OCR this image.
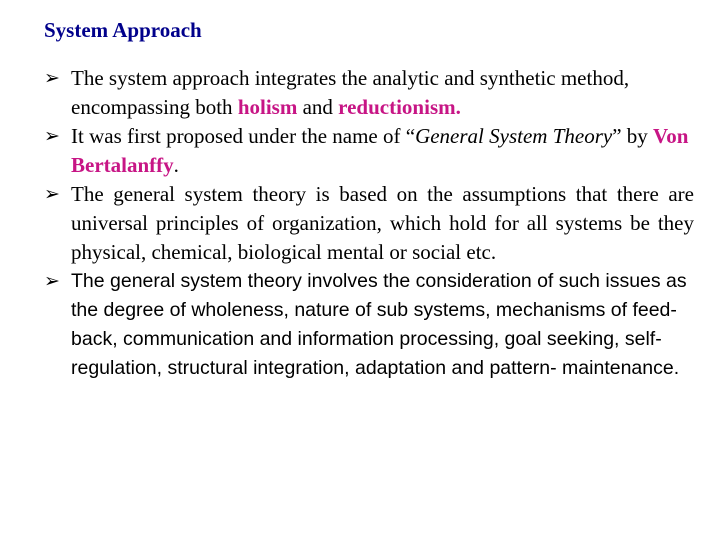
System Approach
➢ The system approach integrates the analytic and synthetic method, encompassing both holism and reductionism.
➢ It was first proposed under the name of “General System Theory” by Von Bertalanffy.
➢ The general system theory is based on the assumptions that there are universal principles of organization, which hold for all systems be they physical, chemical, biological mental or social etc.
➢ The general system theory involves the consideration of such issues as the degree of wholeness, nature of sub systems, mechanisms of feed-back, communication and information processing, goal seeking, self-regulation, structural integration, adaptation and pattern- maintenance.
